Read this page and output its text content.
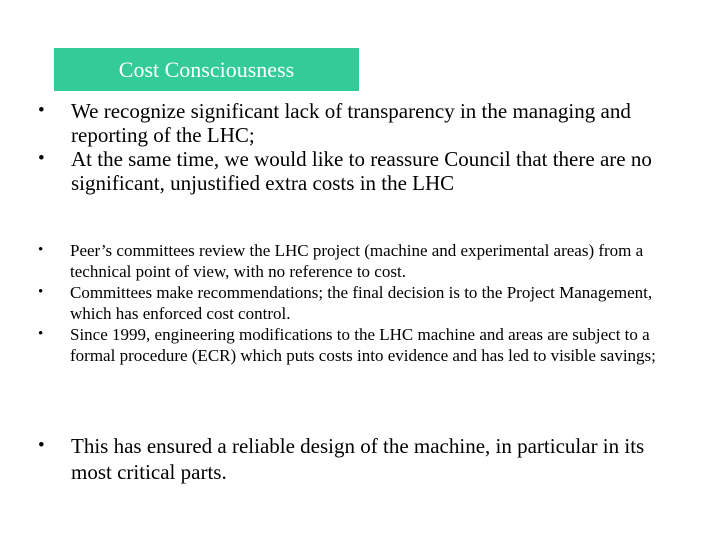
Cost Consciousness
• We recognize significant lack of transparency in the managing and reporting of the LHC;
• At the same time, we would like to reassure Council that there are no significant, unjustified extra costs in the LHC
• Peer’s committees review the LHC project (machine and experimental areas) from a technical point of view, with no reference to cost.
• Committees make recommendations; the final decision is to the Project Management, which has enforced cost control.
• Since 1999, engineering modifications to the LHC machine and areas are subject to a formal procedure (ECR) which puts costs into evidence and has led to visible savings;
• This has ensured a reliable design of the machine, in particular in its most critical parts.
